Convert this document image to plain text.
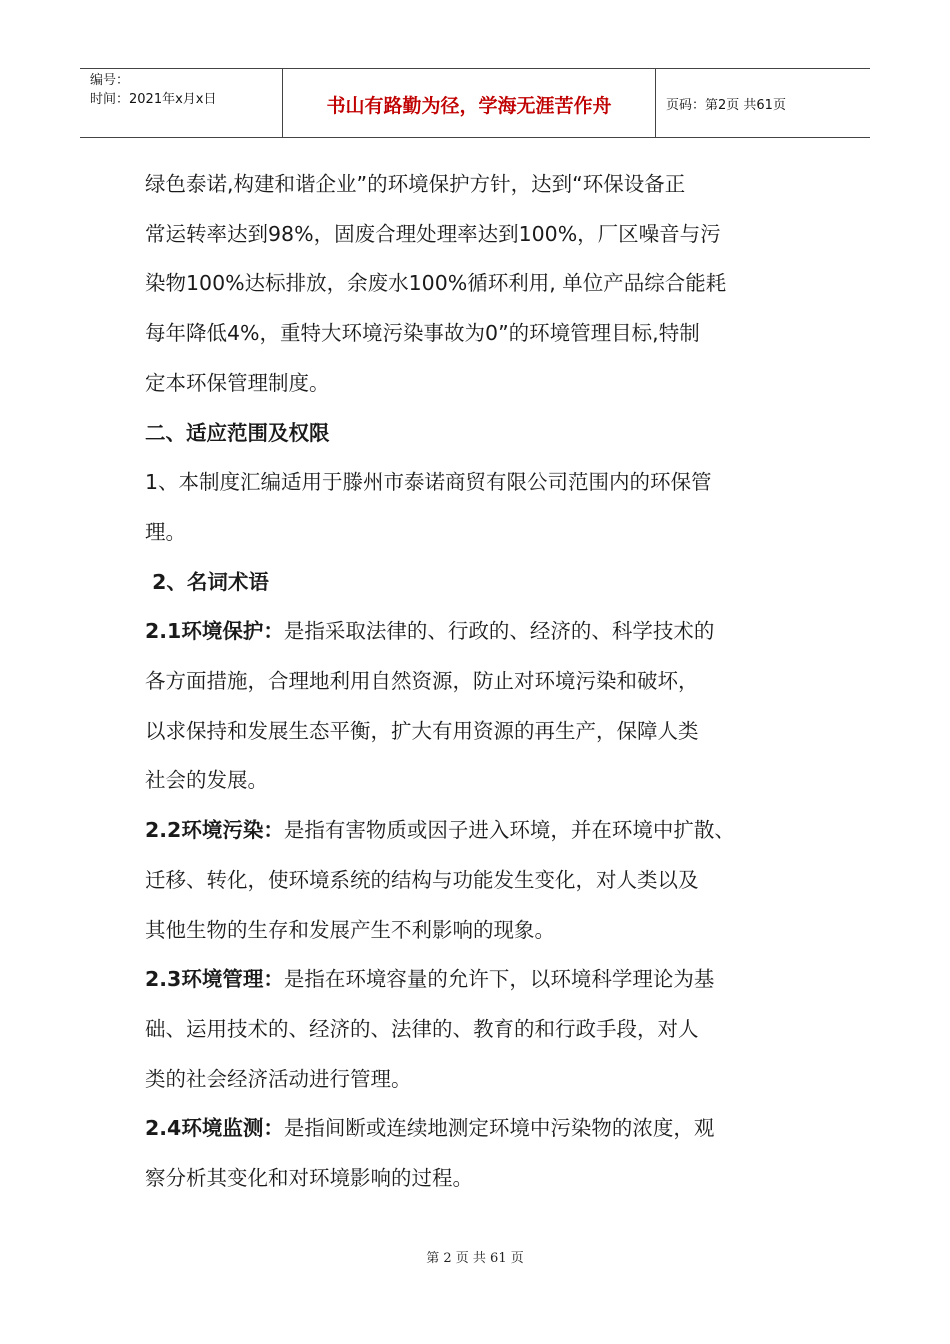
编号：
时间：2021年x月x日	书山有路勤为径，学海无涯苦作舟	页码：第2页 共61页

绿色泰诺,构建和谐企业”的环境保护方针，达到“环保设备正

常运转率达到98%，固废合理处理率达到100%，厂区噪音与污

染物100%达标排放，余废水100%循环利用, 单位产品综合能耗

每年降低4%，重特大环境污染事故为0”的环境管理目标,特制

定本环保管理制度。

二、适应范围及权限

1、本制度汇编适用于滕州市泰诺商贸有限公司范围内的环保管

理。

2、名词术语

2.1环境保护：是指采取法律的、行政的、经济的、科学技术的

各方面措施，合理地利用自然资源，防止对环境污染和破坏，

以求保持和发展生态平衡，扩大有用资源的再生产，保障人类

社会的发展。

2.2环境污染：是指有害物质或因子进入环境，并在环境中扩散、

迁移、转化，使环境系统的结构与功能发生变化，对人类以及

其他生物的生存和发展产生不利影响的现象。

2.3环境管理：是指在环境容量的允许下，以环境科学理论为基

础、运用技术的、经济的、法律的、教育的和行政手段，对人

类的社会经济活动进行管理。

2.4环境监测：是指间断或连续地测定环境中污染物的浓度，观

察分析其变化和对环境影响的过程。

第 2 页 共 61 页
